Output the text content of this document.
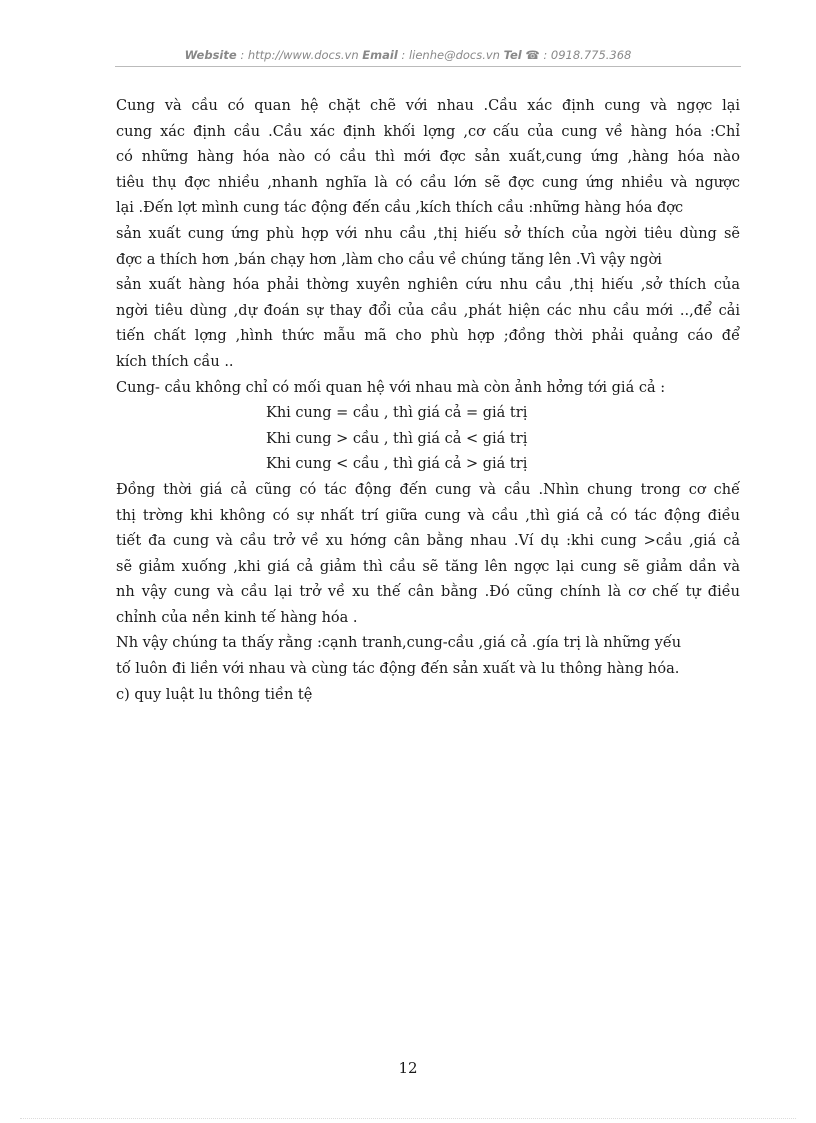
Website : http://www.docs.vn Email : lienhe@docs.vn Tel ☎ : 0918.775.368
Cung và cầu có quan hệ chặt chẽ với nhau .Cầu xác định cung và ngợc lại
cung xác định cầu .Cầu xác định khối lợng ,cơ cấu của cung về hàng hóa :Chỉ
có những hàng hóa nào có cầu thì mới đợc sản xuất,cung ứng ,hàng hóa nào
tiêu thụ đợc nhiều ,nhanh nghĩa là có cầu lớn sẽ đợc cung ứng nhiều và ngược
lại .Đến lợt mình cung tác động đến cầu ,kích thích cầu :những hàng hóa đợc
sản xuất cung ứng phù hợp với nhu cầu ,thị hiếu sở thích của ngời tiêu dùng sẽ
đợc a thích hơn ,bán chạy hơn ,làm cho cầu về chúng tăng lên .Vì vậy ngời
sản xuất hàng hóa phải thờng xuyên nghiên cứu nhu cầu ,thị hiếu ,sở thích của
ngời tiêu dùng ,dự đoán sự thay đổi của cầu ,phát hiện các nhu cầu mới ..,để cải
tiến chất lợng ,hình thức mẫu mã cho phù hợp ;đồng thời phải quảng cáo để
kích thích cầu ..
Cung- cầu không chỉ có mối quan hệ với nhau mà còn ảnh hởng tới giá cả :
Khi cung = cầu , thì giá cả = giá trị
Khi cung > cầu , thì giá cả < giá trị
Khi cung < cầu , thì giá cả > giá trị
Đồng thời giá cả cũng có tác động đến cung và cầu .Nhìn chung trong cơ chế
thị trờng khi không có sự nhất trí giữa cung và cầu ,thì giá cả có tác động điều
tiết đa cung và cầu trở về xu hớng cân bằng nhau .Ví dụ :khi cung >cầu ,giá cả
sẽ giảm xuống ,khi giá cả giảm thì cầu sẽ tăng lên ngợc lại cung sẽ giảm dần và
nh vậy cung và cầu lại trở về xu thế cân bằng .Đó cũng chính là cơ chế tự điều
chỉnh của nền kinh tế hàng hóa .
Nh vậy chúng ta thấy rằng :cạnh tranh,cung-cầu ,giá cả .gía trị là những yếu
tố luôn đi liền với nhau và cùng tác động đến sản xuất và lu thông hàng hóa.
c) quy luật lu thông tiền tệ
12
